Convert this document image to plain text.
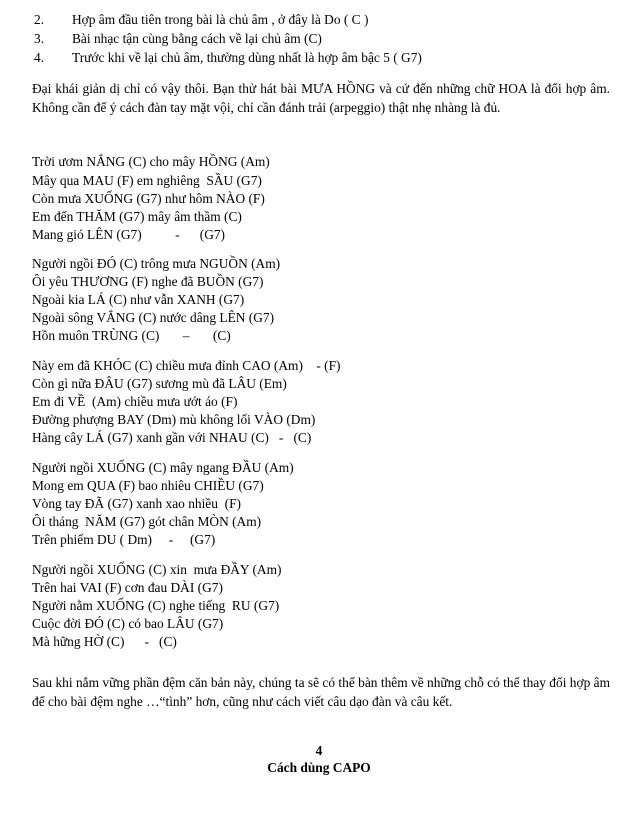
2. Hợp âm đầu tiên trong bài là chủ âm , ở đây là Do ( C )
3. Bài nhạc tận cùng bằng cách về lại chủ âm (C)
4. Trước khi về lại chủ âm, thường dùng nhất là hợp âm bậc 5 ( G7)
Đại khái giản dị chỉ có vậy thôi. Bạn thử hát bài MƯA HỒNG và cứ đến những chữ HOA là đổi hợp âm. Không cần để ý cách đàn tay mặt vội, chỉ cần đánh trải (arpeggio) thật nhẹ nhàng là đủ.
Trời ươm NẮNG (C) cho mây HỒNG (Am)
Mây qua MAU (F) em nghiêng  SẦU (G7)
Còn mưa XUỐNG (G7) như hôm NÀO (F)
Em đến THĂM (G7) mây âm thầm (C)
Mang gió LÊN (G7)          -      (G7)
Người ngồi ĐÓ (C) trông mưa NGUỒN (Am)
Ôi yêu THƯƠNG (F) nghe đã BUỒN (G7)
Ngoài kia LÁ (C) như vẫn XANH (G7)
Ngoài sông VẮNG (C) nước dâng LÊN (G7)
Hồn muôn TRÙNG (C)       –       (C)
Này em đã KHÓC (C) chiều mưa đỉnh CAO (Am)    - (F)
Còn gì nữa ĐÂU (G7) sương mù đã LÂU (Em)
Em đi VỀ  (Am) chiều mưa ướt áo (F)
Đường phượng BAY (Dm) mù không lối VÀO (Dm)
Hàng cây LÁ (G7) xanh gần với NHAU (C)   -   (C)
Người ngồi XUỐNG (C) mây ngang ĐẦU (Am)
Mong em QUA (F) bao nhiêu CHIỀU (G7)
Vòng tay ĐÃ (G7) xanh xao nhiều  (F)
Ôi tháng  NĂM (G7) gót chân MÒN (Am)
Trên phiếm DU ( Dm)     -     (G7)
Người ngồi XUỐNG (C) xin  mưa ĐẦY (Am)
Trên hai VAI (F) cơn đau DÀI (G7)
Người nằm XUỐNG (C) nghe tiếng  RU (G7)
Cuộc đời ĐÓ (C) có bao LÂU (G7)
Mà hững HỜ (C)      -   (C)
Sau khi nắm vững phần đệm căn bản này, chúng ta sẽ có thể bàn thêm về những chỗ có thể thay đổi hợp âm để cho bài đệm nghe …“tình” hơn, cũng như cách viết câu dạo đàn và câu kết.
4
Cách dùng CAPO
